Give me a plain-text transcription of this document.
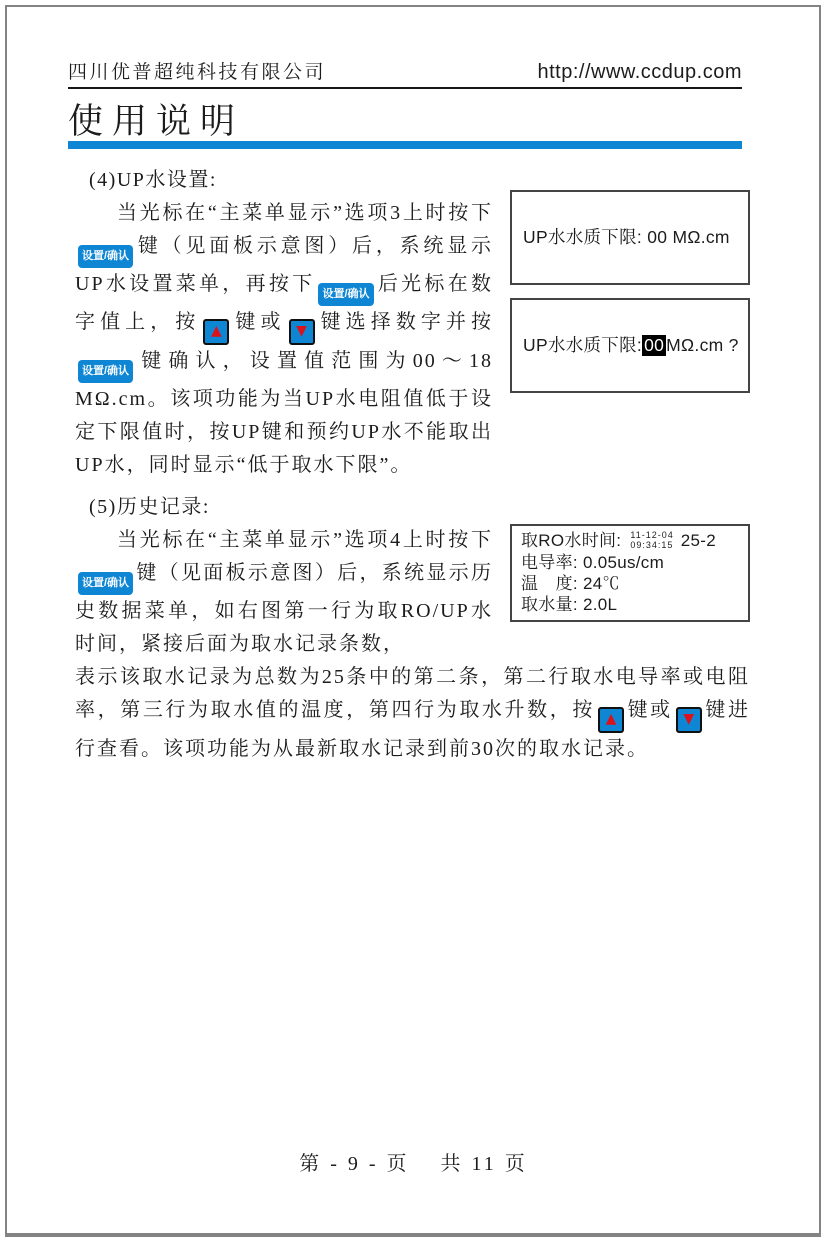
四川优普超纯科技有限公司	http://www.ccdup.com
使用说明
(4)UP水设置:

当光标在“主菜单显示”选项3上时按下设置/确认 键（见面板示意图）后，系统显示UP水设置菜单，再按下 设置/确认 后光标在数字值上，按 ▲ 键或 ▼ 键选择数字并按设置/确认 键确认，设置值范围为00～18 MΩ.cm。该项功能为当UP水电阻值低于设定下限值时，按UP键和预约UP水不能取出UP水，同时显示“低于取水下限”。

UP水水质下限: 00 MΩ.cm
UP水水质下限: 00 MΩ.cm ?
(5)历史记录:

当光标在“主菜单显示”选项4上时按下设置/确认 键（见面板示意图）后，系统显示历史数据菜单，如右图第一行为取RO/UP水时间，紧接后面为取水记录条数，

取RO水时间: 11-12-04
09:34:15 25-2
电导率: 0.05us/cm
温　度: 24℃
取水量: 2.0L

表示该取水记录为总数为25条中的第二条，第二行取水电导率或电阻率，第三行为取水值的温度，第四行为取水升数，按 ▲ 键或 ▼ 键进行查看。该项功能为从最新取水记录到前30次的取水记录。

第 - 9 - 页　 共 11 页
